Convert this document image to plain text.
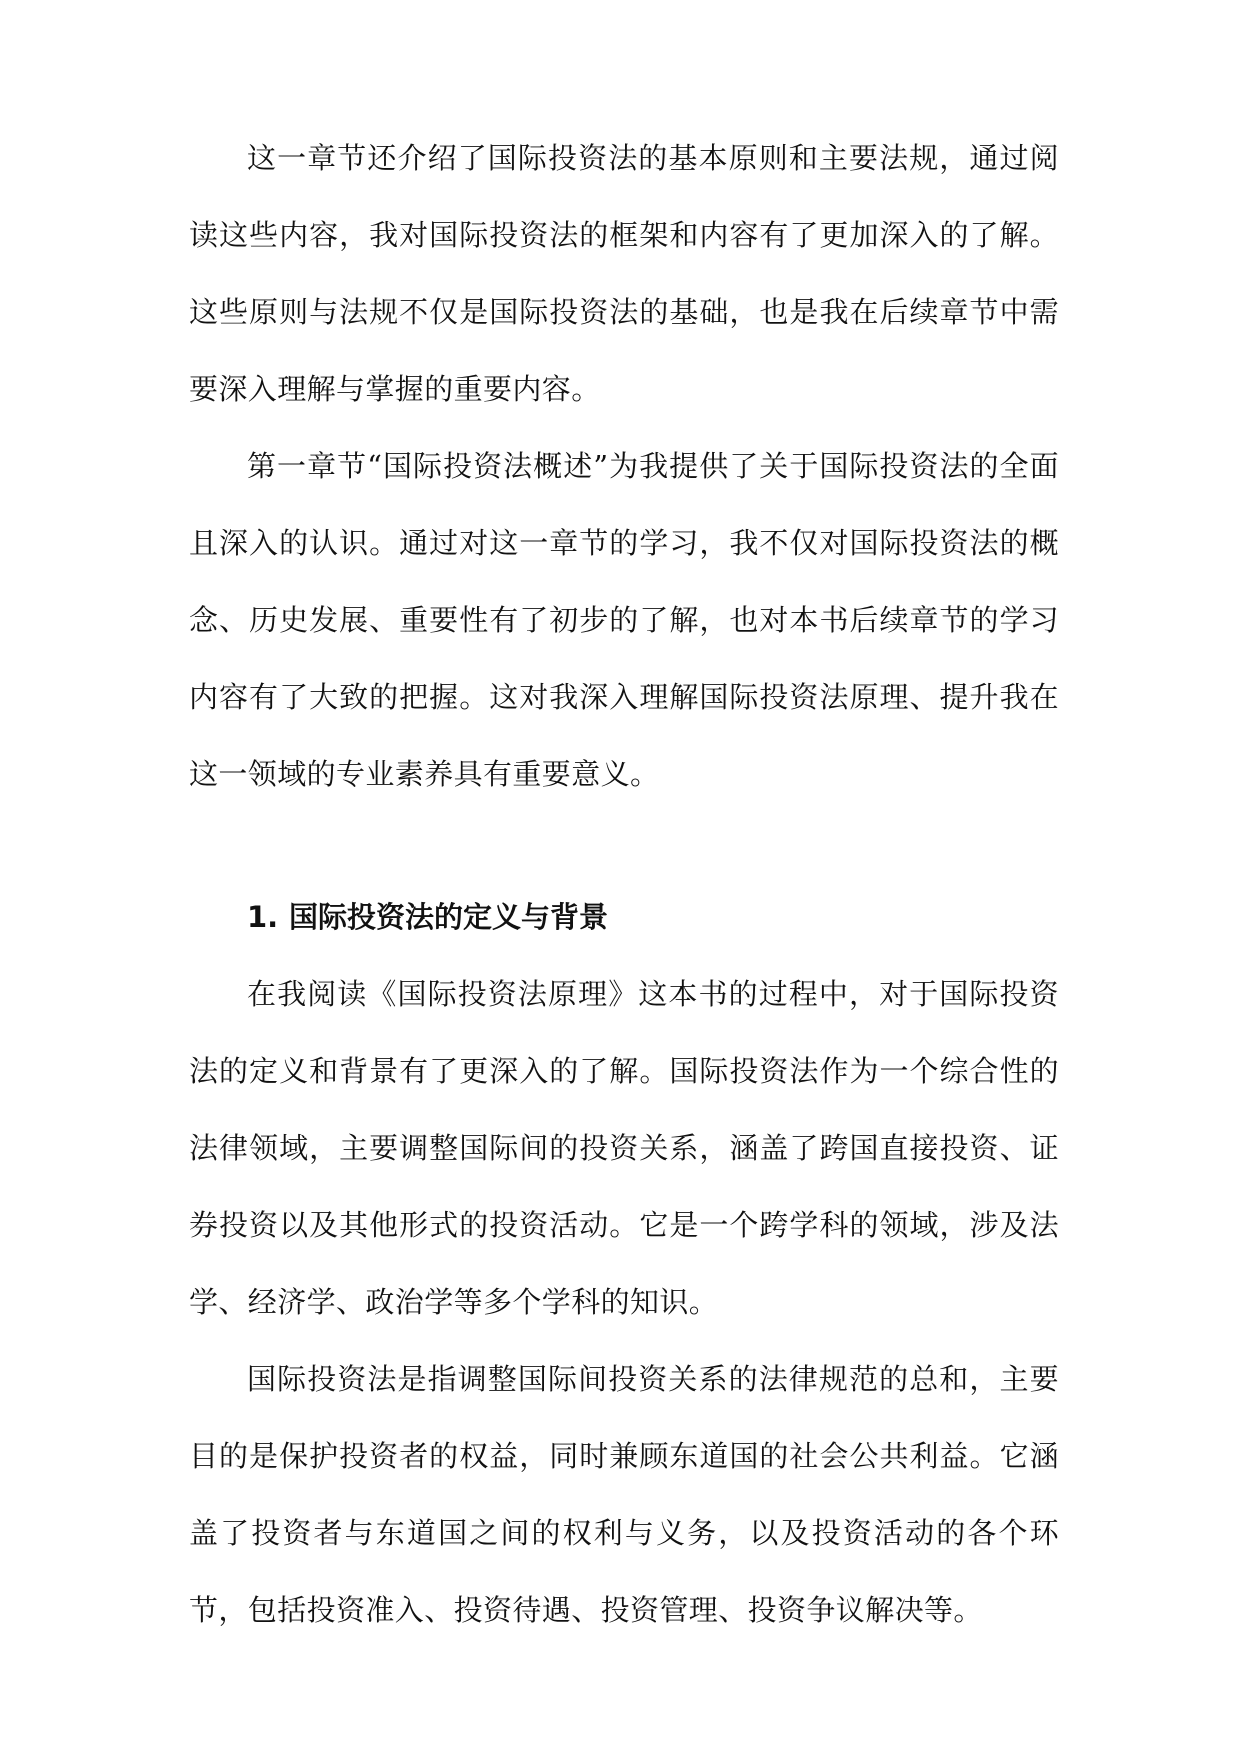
这一章节还介绍了国际投资法的基本原则和主要法规，通过阅读这些内容，我对国际投资法的框架和内容有了更加深入的了解。这些原则与法规不仅是国际投资法的基础，也是我在后续章节中需要深入理解与掌握的重要内容。

第一章节“国际投资法概述”为我提供了关于国际投资法的全面且深入的认识。通过对这一章节的学习，我不仅对国际投资法的概念、历史发展、重要性有了初步的了解，也对本书后续章节的学习内容有了大致的把握。这对我深入理解国际投资法原理、提升我在这一领域的专业素养具有重要意义。

1. 国际投资法的定义与背景

在我阅读《国际投资法原理》这本书的过程中，对于国际投资法的定义和背景有了更深入的了解。国际投资法作为一个综合性的法律领域，主要调整国际间的投资关系，涵盖了跨国直接投资、证券投资以及其他形式的投资活动。它是一个跨学科的领域，涉及法学、经济学、政治学等多个学科的知识。

国际投资法是指调整国际间投资关系的法律规范的总和，主要目的是保护投资者的权益，同时兼顾东道国的社会公共利益。它涵盖了投资者与东道国之间的权利与义务，以及投资活动的各个环节，包括投资准入、投资待遇、投资管理、投资争议解决等。
